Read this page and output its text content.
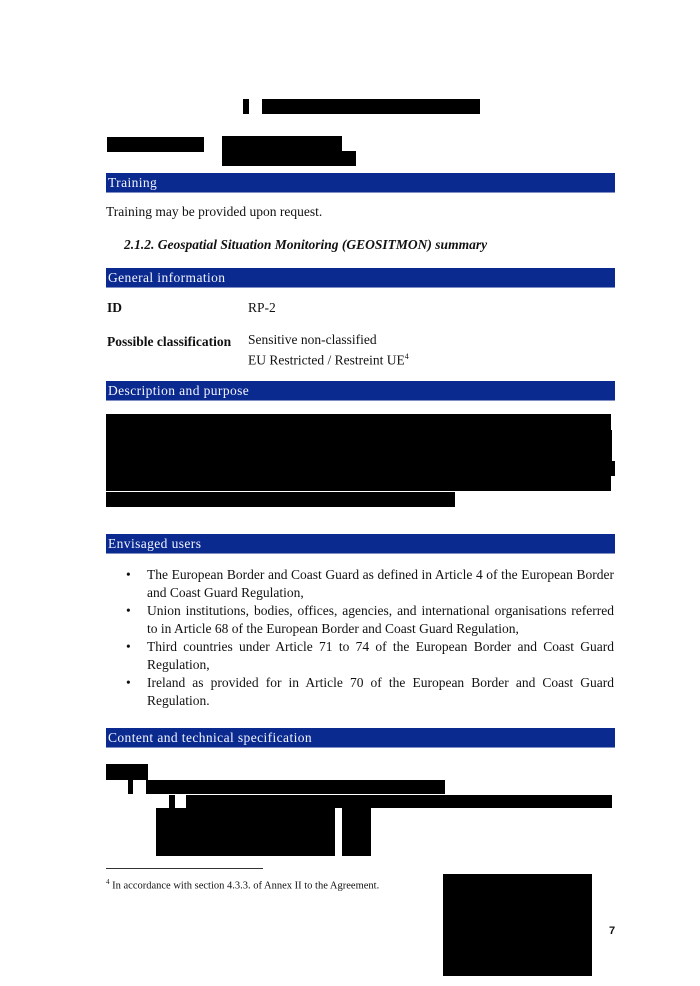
Training
Training may be provided upon request.
2.1.2. Geospatial Situation Monitoring (GEOSITMON) summary
General information
ID	RP-2
Possible classification Sensitive non-classified
EU Restricted / Restreint $UE^4$
Description and purpose
Envisaged users
• The European Border and Coast Guard as defined in Article 4 of the European Border and Coast Guard Regulation,
• Union institutions, bodies, offices, agencies, and international organisations referred to in Article 68 of the European Border and Coast Guard Regulation,
• Third countries under Article 71 to 74 of the European Border and Coast Guard Regulation,
• Ireland as provided for in Article 70 of the European Border and Coast Guard Regulation.
Content and technical specification
$^4$ In accordance with section 4.3.3. of Annex II to the Agreement.
7
